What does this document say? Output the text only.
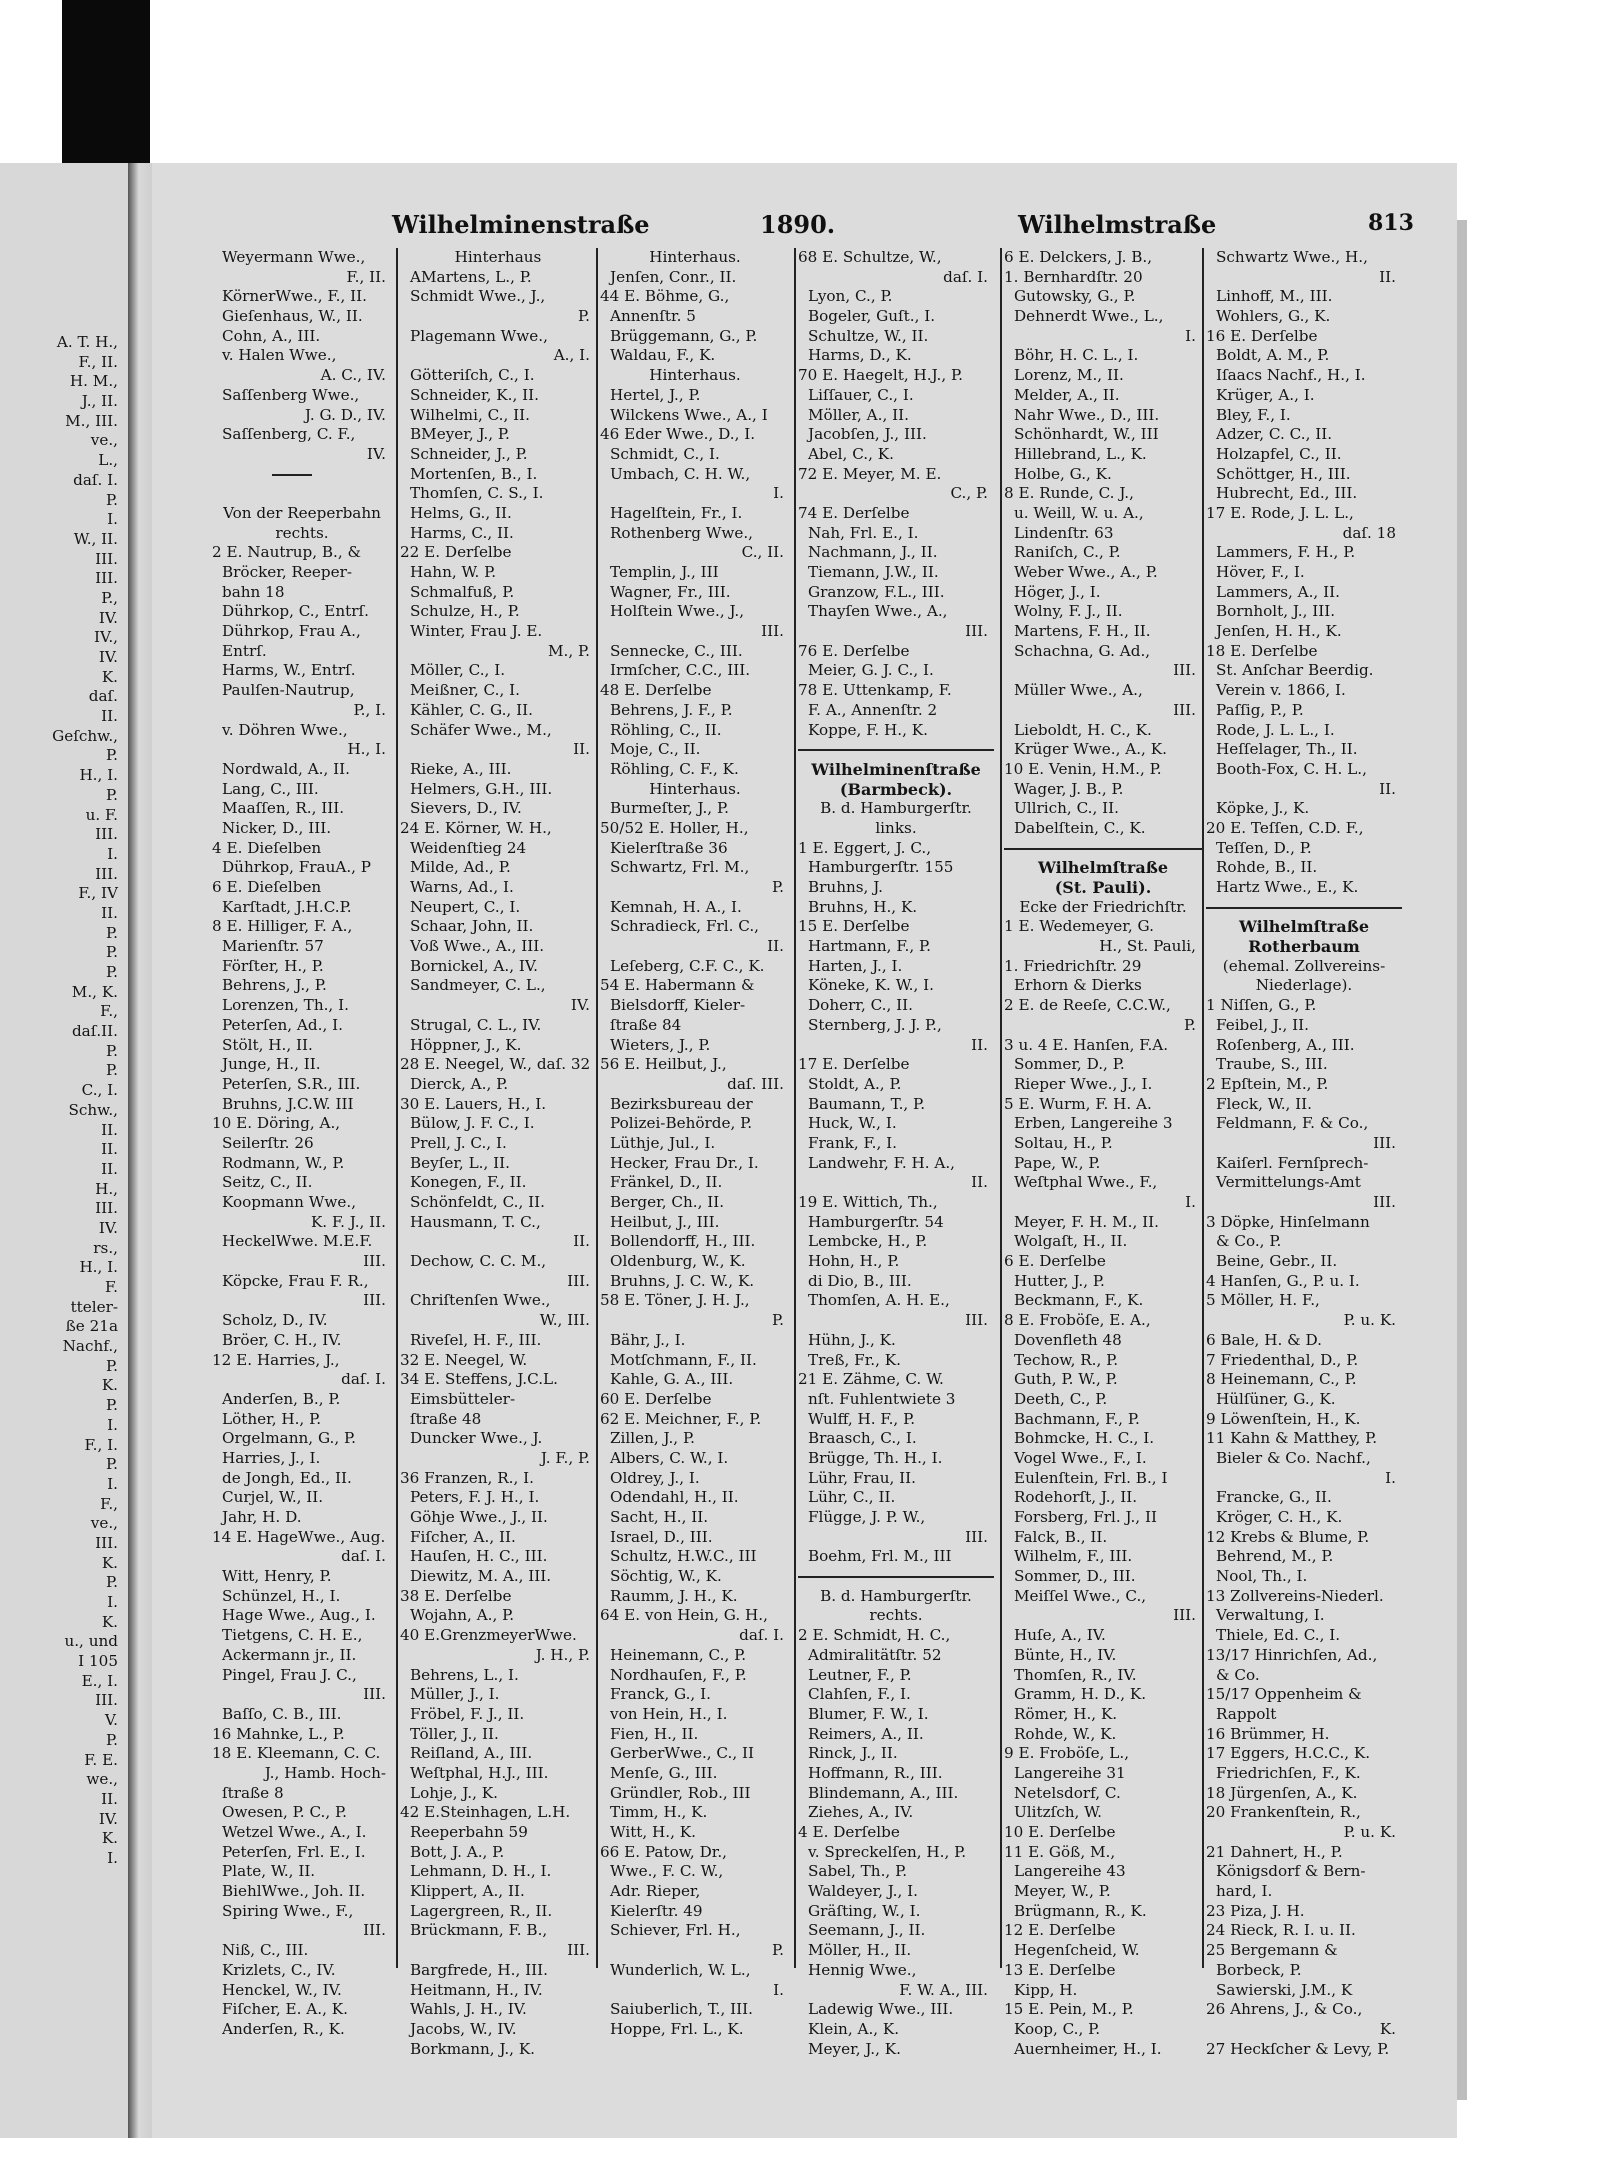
A. T. H.,
F., II.
H. M.,
J., II.
M., III.
ve.,
L.,
daſ. I.
P.
I.
W., II.
III.
III.
P.,
IV.
IV.,
IV.
K.
daſ.
II.
Geſchw.,
P.
H., I.
P.
u. F.
III.
I.
III.
F., IV
II.
P.
P.
P.
M., K.
F.,
daſ.II.
P.
P.
C., I.
Schw.,
II.
II.
II.
H.,
III.
IV.
rs.,
H., I.
F.
tteler-
ße 21a
Nachf.,
P.
K.
P.
I.
F., I.
P.
I.
F.,
ve.,
III.
K.
P.
I.
K.
u., und
I 105
E., I.
III.
V.
P.
F. E.
we.,
II.
IV.
K.
I.
Wilhelminenstraße	1890.	Wilhelmstraße	813
Weyermann Wwe.,
F., II.
KörnerWwe., F., II.
Gieſenhaus, W., II.
Cohn, A., III.
v. Halen Wwe.,
A. C., IV.
Saſſenberg Wwe.,
J. G. D., IV.
Saſſenberg, C. F.,
IV.
Von der Reeperbahn
rechts.
2 E. Nautrup, B., &
Bröcker, Reeper-
bahn 18
Dührkop, C., Entrſ.
Dührkop, Frau A.,
Entrſ.
Harms, W., Entrſ.
Paulſen-Nautrup,
P., I.
v. Döhren Wwe.,
H., I.
Nordwald, A., II.
Lang, C., III.
Maaſſen, R., III.
Nicker, D., III.
4 E. Dieſelben
Dührkop, FrauA., P
6 E. Dieſelben
Karſtadt, J.H.C.P.
8 E. Hilliger, F. A.,
Marienſtr. 57
Förſter, H., P.
Behrens, J., P.
Lorenzen, Th., I.
Peterſen, Ad., I.
Stölt, H., II.
Junge, H., II.
Peterſen, S.R., III.
Bruhns, J.C.W. III
10 E. Döring, A.,
Seilerſtr. 26
Rodmann, W., P.
Seitz, C., II.
Koopmann Wwe.,
K. F. J., II.
HeckelWwe. M.E.F.
III.
Köpcke, Frau F. R.,
III.
Scholz, D., IV.
Bröer, C. H., IV.
12 E. Harries, J.,
daſ. I.
Anderſen, B., P.
Löther, H., P.
Orgelmann, G., P.
Harries, J., I.
de Jongh, Ed., II.
Curjel, W., II.
Jahr, H. D.
14 E. HageWwe., Aug.
daſ. I.
Witt, Henry, P.
Schünzel, H., I.
Hage Wwe., Aug., I.
Tietgens, C. H. E.,
Ackermann jr., II.
Pingel, Frau J. C.,
III.
Baſſo, C. B., III.
16 Mahnke, L., P.
18 E. Kleemann, C. C.
J., Hamb. Hoch-
ſtraße 8
Owesen, P. C., P.
Wetzel Wwe., A., I.
Peterſen, Frl. E., I.
Plate, W., II.
BiehlWwe., Joh. II.
Spiring Wwe., F.,
III.
Niß, C., III.
Krizlets, C., IV.
Henckel, W., IV.
Fiſcher, E. A., K.
Anderſen, R., K.
Hinterhaus
AMartens, L., P.
Schmidt Wwe., J.,
P.
Plagemann Wwe.,
A., I.
Götteriſch, C., I.
Schneider, K., II.
Wilhelmi, C., II.
BMeyer, J., P.
Schneider, J., P.
Mortenſen, B., I.
Thomſen, C. S., I.
Helms, G., II.
Harms, C., II.
22 E. Derſelbe
Hahn, W. P.
Schmalfuß, P.
Schulze, H., P.
Winter, Frau J. E.
M., P.
Möller, C., I.
Meißner, C., I.
Kähler, C. G., II.
Schäfer Wwe., M.,
II.
Rieke, A., III.
Helmers, G.H., III.
Sievers, D., IV.
24 E. Körner, W. H.,
Weidenſtieg 24
Milde, Ad., P.
Warns, Ad., I.
Neupert, C., I.
Schaar, John, II.
Voß Wwe., A., III.
Bornickel, A., IV.
Sandmeyer, C. L.,
IV.
Strugal, C. L., IV.
Höppner, J., K.
28 E. Neegel, W., daſ. 32
Dierck, A., P.
30 E. Lauers, H., I.
Bülow, J. F. C., I.
Prell, J. C., I.
Beyſer, L., II.
Konegen, F., II.
Schönfeldt, C., II.
Hausmann, T. C.,
II.
Dechow, C. C. M.,
III.
Chriſtenſen Wwe.,
W., III.
Riveſel, H. F., III.
32 E. Neegel, W.
34 E. Steffens, J.C.L.
Eimsbütteler-
ſtraße 48
Duncker Wwe., J.
J. F., P.
36 Franzen, R., I.
Peters, F. J. H., I.
Göhje Wwe., J., II.
Fiſcher, A., II.
Hauſen, H. C., III.
Diewitz, M. A., III.
38 E. Derſelbe
Wojahn, A., P.
40 E.GrenzmeyerWwe.
J. H., P.
Behrens, L., I.
Müller, J., I.
Fröbel, F. J., II.
Töller, J., II.
Reiſland, A., III.
Weſtphal, H.J., III.
Lohje, J., K.
42 E.Steinhagen, L.H.
Reeperbahn 59
Bott, J. A., P.
Lehmann, D. H., I.
Klippert, A., II.
Lagergreen, R., II.
Brückmann, F. B.,
III.
Bargfrede, H., III.
Heitmann, H., IV.
Wahls, J. H., IV.
Jacobs, W., IV.
Borkmann, J., K.
Hinterhaus.
Jenſen, Conr., II.
44 E. Böhme, G.,
Annenſtr. 5
Brüggemann, G., P.
Waldau, F., K.
Hinterhaus.
Hertel, J., P.
Wilckens Wwe., A., I
46 Eder Wwe., D., I.
Schmidt, C., I.
Umbach, C. H. W.,
I.
Hagelſtein, Fr., I.
Rothenberg Wwe.,
C., II.
Templin, J., III
Wagner, Fr., III.
Holſtein Wwe., J.,
III.
Sennecke, C., III.
Irmſcher, C.C., III.
48 E. Derſelbe
Behrens, J. F., P.
Röhling, C., II.
Moje, C., II.
Röhling, C. F., K.
Hinterhaus.
Burmeſter, J., P.
50/52 E. Holler, H.,
Kielerſtraße 36
Schwartz, Frl. M.,
P.
Kemnah, H. A., I.
Schradieck, Frl. C.,
II.
Leſeberg, C.F. C., K.
54 E. Habermann &
Bielsdorff, Kieler-
ſtraße 84
Wieters, J., P.
56 E. Heilbut, J.,
daſ. III.
Bezirksbureau der
Polizei-Behörde, P.
Lüthje, Jul., I.
Hecker, Frau Dr., I.
Fränkel, D., II.
Berger, Ch., II.
Heilbut, J., III.
Bollendorff, H., III.
Oldenburg, W., K.
Bruhns, J. C. W., K.
58 E. Töner, J. H. J.,
P.
Bähr, J., I.
Motſchmann, F., II.
Kahle, G. A., III.
60 E. Derſelbe
62 E. Meichner, F., P.
Zillen, J., P.
Albers, C. W., I.
Oldrey, J., I.
Odendahl, H., II.
Sacht, H., II.
Israel, D., III.
Schultz, H.W.C., III
Söchtig, W., K.
Raumm, J. H., K.
64 E. von Hein, G. H.,
daſ. I.
Heinemann, C., P.
Nordhauſen, F., P.
Franck, G., I.
von Hein, H., I.
Fien, H., II.
GerberWwe., C., II
Menſe, G., III.
Gründler, Rob., III
Timm, H., K.
Witt, H., K.
66 E. Patow, Dr.,
Wwe., F. C. W.,
Adr. Rieper,
Kielerſtr. 49
Schiever, Frl. H.,
P.
Wunderlich, W. L.,
I.
Saiuberlich, T., III.
Hoppe, Frl. L., K.
68 E. Schultze, W.,
daſ. I.
Lyon, C., P.
Bogeler, Guſt., I.
Schultze, W., II.
Harms, D., K.
70 E. Haegelt, H.J., P.
Liſſauer, C., I.
Möller, A., II.
Jacobſen, J., III.
Abel, C., K.
72 E. Meyer, M. E.
C., P.
74 E. Derſelbe
Nah, Frl. E., I.
Nachmann, J., II.
Tiemann, J.W., II.
Granzow, F.L., III.
Thayſen Wwe., A.,
III.
76 E. Derſelbe
Meier, G. J. C., I.
78 E. Uttenkamp, F.
F. A., Annenſtr. 2
Koppe, F. H., K.
Wilhelminenſtraße
(Barmbeck).
B. d. Hamburgerſtr.
links.
1 E. Eggert, J. C.,
Hamburgerſtr. 155
Bruhns, J.
Bruhns, H., K.
15 E. Derſelbe
Hartmann, F., P.
Harten, J., I.
Köneke, K. W., I.
Doherr, C., II.
Sternberg, J. J. P.,
II.
17 E. Derſelbe
Stoldt, A., P.
Baumann, T., P.
Huck, W., I.
Frank, F., I.
Landwehr, F. H. A.,
II.
19 E. Wittich, Th.,
Hamburgerſtr. 54
Lembcke, H., P.
Hohn, H., P.
di Dio, B., III.
Thomſen, A. H. E.,
III.
Hühn, J., K.
Treß, Fr., K.
21 E. Zähme, C. W.
nſt. Fuhlentwiete 3
Wulff, H. F., P.
Braasch, C., I.
Brügge, Th. H., I.
Lühr, Frau, II.
Lühr, C., II.
Flügge, J. P. W.,
III.
Boehm, Frl. M., III
B. d. Hamburgerſtr.
rechts.
2 E. Schmidt, H. C.,
Admiralitätſtr. 52
Leutner, F., P.
Clahſen, F., I.
Blumer, F. W., I.
Reimers, A., II.
Rinck, J., II.
Hoffmann, R., III.
Blindemann, A., III.
Ziehes, A., IV.
4 E. Derſelbe
v. Spreckelſen, H., P.
Sabel, Th., P.
Waldeyer, J., I.
Gräſting, W., I.
Seemann, J., II.
Möller, H., II.
Hennig Wwe.,
F. W. A., III.
Ladewig Wwe., III.
Klein, A., K.
Meyer, J., K.
6 E. Delckers, J. B.,
1. Bernhardſtr. 20
Gutowsky, G., P.
Dehnerdt Wwe., L.,
I.
Böhr, H. C. L., I.
Lorenz, M., II.
Melder, A., II.
Nahr Wwe., D., III.
Schönhardt, W., III
Hillebrand, L., K.
Holbe, G., K.
8 E. Runde, C. J.,
u. Weill, W. u. A.,
Lindenſtr. 63
Raniſch, C., P.
Weber Wwe., A., P.
Höger, J., I.
Wolny, F. J., II.
Martens, F. H., II.
Schachna, G. Ad.,
III.
Müller Wwe., A.,
III.
Lieboldt, H. C., K.
Krüger Wwe., A., K.
10 E. Venin, H.M., P.
Wager, J. B., P.
Ullrich, C., II.
Dabelſtein, C., K.
Wilhelmſtraße
(St. Pauli).
Ecke der Friedrichſtr.
1 E. Wedemeyer, G.
H., St. Pauli,
1. Friedrichſtr. 29
Erhorn & Dierks
2 E. de Reeſe, C.C.W.,
P.
3 u. 4 E. Hanſen, F.A.
Sommer, D., P.
Rieper Wwe., J., I.
5 E. Wurm, F. H. A.
Erben, Langereihe 3
Soltau, H., P.
Pape, W., P.
Weſtphal Wwe., F.,
I.
Meyer, F. H. M., II.
Wolgaſt, H., II.
6 E. Derſelbe
Hutter, J., P.
Beckmann, F., K.
8 E. Froböſe, E. A.,
Dovenfleth 48
Techow, R., P.
Guth, P. W., P.
Deeth, C., P.
Bachmann, F., P.
Bohmcke, H. C., I.
Vogel Wwe., F., I.
Eulenſtein, Frl. B., I
Rodehorſt, J., II.
Forsberg, Frl. J., II
Falck, B., II.
Wilhelm, F., III.
Sommer, D., III.
Meiſſel Wwe., C.,
III.
Huſe, A., IV.
Bünte, H., IV.
Thomſen, R., IV.
Gramm, H. D., K.
Römer, H., K.
Rohde, W., K.
9 E. Froböſe, L.,
Langereihe 31
Netelsdorf, C.
Ulitzſch, W.
10 E. Derſelbe
11 E. Göß, M.,
Langereihe 43
Meyer, W., P.
Brügmann, R., K.
12 E. Derſelbe
Hegenſcheid, W.
13 E. Derſelbe
Kipp, H.
15 E. Pein, M., P.
Koop, C., P.
Auernheimer, H., I.
Schwartz Wwe., H.,
II.
Linhoff, M., III.
Wohlers, G., K.
16 E. Derſelbe
Boldt, A. M., P.
Iſaacs Nachf., H., I.
Krüger, A., I.
Bley, F., I.
Adzer, C. C., II.
Holzapfel, C., II.
Schöttger, H., III.
Hubrecht, Ed., III.
17 E. Rode, J. L. L.,
daſ. 18
Lammers, F. H., P.
Höver, F., I.
Lammers, A., II.
Bornholt, J., III.
Jenſen, H. H., K.
18 E. Derſelbe
St. Anſchar Beerdig.
Verein v. 1866, I.
Paſſig, P., P.
Rode, J. L. L., I.
Heſſelager, Th., II.
Booth-Fox, C. H. L.,
II.
Köpke, J., K.
20 E. Teſſen, C.D. F.,
Teſſen, D., P.
Rohde, B., II.
Hartz Wwe., E., K.
Wilhelmſtraße
Rotherbaum
(ehemal. Zollvereins-
Niederlage).
1 Niſſen, G., P.
Feibel, J., II.
Roſenberg, A., III.
Traube, S., III.
2 Epſtein, M., P.
Fleck, W., II.
Feldmann, F. & Co.,
III.
Kaiſerl. Fernſprech-
Vermittelungs-Amt
III.
3 Döpke, Hinſelmann
& Co., P.
Beine, Gebr., II.
4 Hanſen, G., P. u. I.
5 Möller, H. F.,
P. u. K.
6 Bale, H. & D.
7 Friedenthal, D., P.
8 Heinemann, C., P.
Hülſüner, G., K.
9 Löwenſtein, H., K.
11 Kahn & Matthey, P.
Bieler & Co. Nachf.,
I.
Francke, G., II.
Kröger, C. H., K.
12 Krebs & Blume, P.
Behrend, M., P.
Nool, Th., I.
13 Zollvereins-Niederl.
Verwaltung, I.
Thiele, Ed. C., I.
13/17 Hinrichſen, Ad.,
& Co.
15/17 Oppenheim &
Rappolt
16 Brümmer, H.
17 Eggers, H.C.C., K.
Friedrichſen, F., K.
18 Jürgenſen, A., K.
20 Frankenſtein, R.,
P. u. K.
21 Dahnert, H., P.
Königsdorf & Bern-
hard, I.
23 Piza, J. H.
24 Rieck, R. I. u. II.
25 Bergemann &
Borbeck, P.
Sawierski, J.M., K
26 Ahrens, J., & Co.,
K.
27 Heckſcher & Levy, P.
